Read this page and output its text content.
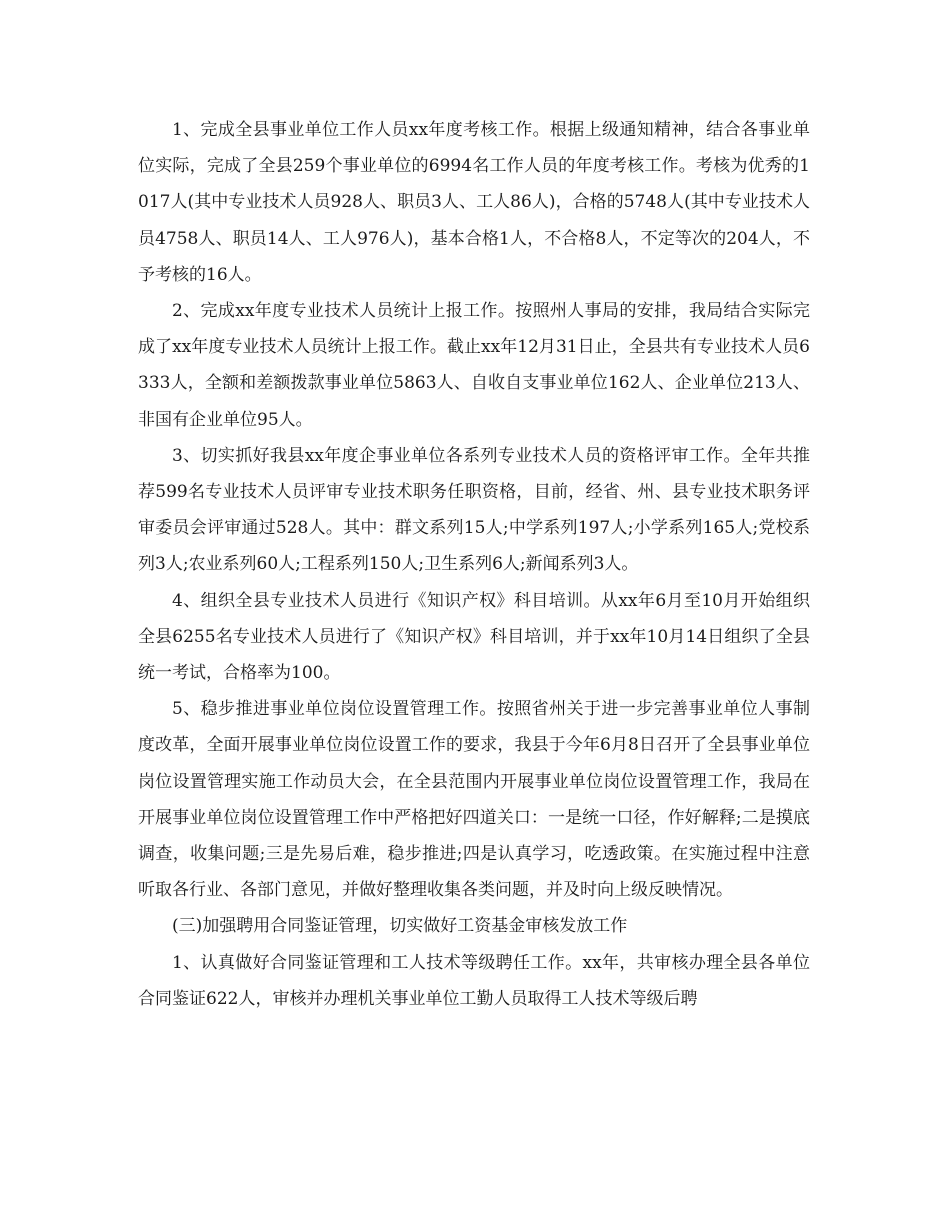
1、完成全县事业单位工作人员xx年度考核工作。根据上级通知精神，结合各事业单位实际，完成了全县259个事业单位的6994名工作人员的年度考核工作。考核为优秀的1017人(其中专业技术人员928人、职员3人、工人86人)，合格的5748人(其中专业技术人员4758人、职员14人、工人976人)，基本合格1人，不合格8人，不定等次的204人，不予考核的16人。

2、完成xx年度专业技术人员统计上报工作。按照州人事局的安排，我局结合实际完成了xx年度专业技术人员统计上报工作。截止xx年12月31日止，全县共有专业技术人员6333人，全额和差额拨款事业单位5863人、自收自支事业单位162人、企业单位213人、非国有企业单位95人。

3、切实抓好我县xx年度企事业单位各系列专业技术人员的资格评审工作。全年共推荐599名专业技术人员评审专业技术职务任职资格，目前，经省、州、县专业技术职务评审委员会评审通过528人。其中：群文系列15人;中学系列197人;小学系列165人;党校系列3人;农业系列60人;工程系列150人;卫生系列6人;新闻系列3人。

4、组织全县专业技术人员进行《知识产权》科目培训。从xx年6月至10月开始组织全县6255名专业技术人员进行了《知识产权》科目培训，并于xx年10月14日组织了全县统一考试，合格率为100。

5、稳步推进事业单位岗位设置管理工作。按照省州关于进一步完善事业单位人事制度改革，全面开展事业单位岗位设置工作的要求，我县于今年6月8日召开了全县事业单位岗位设置管理实施工作动员大会，在全县范围内开展事业单位岗位设置管理工作，我局在开展事业单位岗位设置管理工作中严格把好四道关口：一是统一口径，作好解释;二是摸底调查，收集问题;三是先易后难，稳步推进;四是认真学习，吃透政策。在实施过程中注意听取各行业、各部门意见，并做好整理收集各类问题，并及时向上级反映情况。

(三)加强聘用合同鉴证管理，切实做好工资基金审核发放工作

1、认真做好合同鉴证管理和工人技术等级聘任工作。xx年，共审核办理全县各单位合同鉴证622人，审核并办理机关事业单位工勤人员取得工人技术等级后聘
